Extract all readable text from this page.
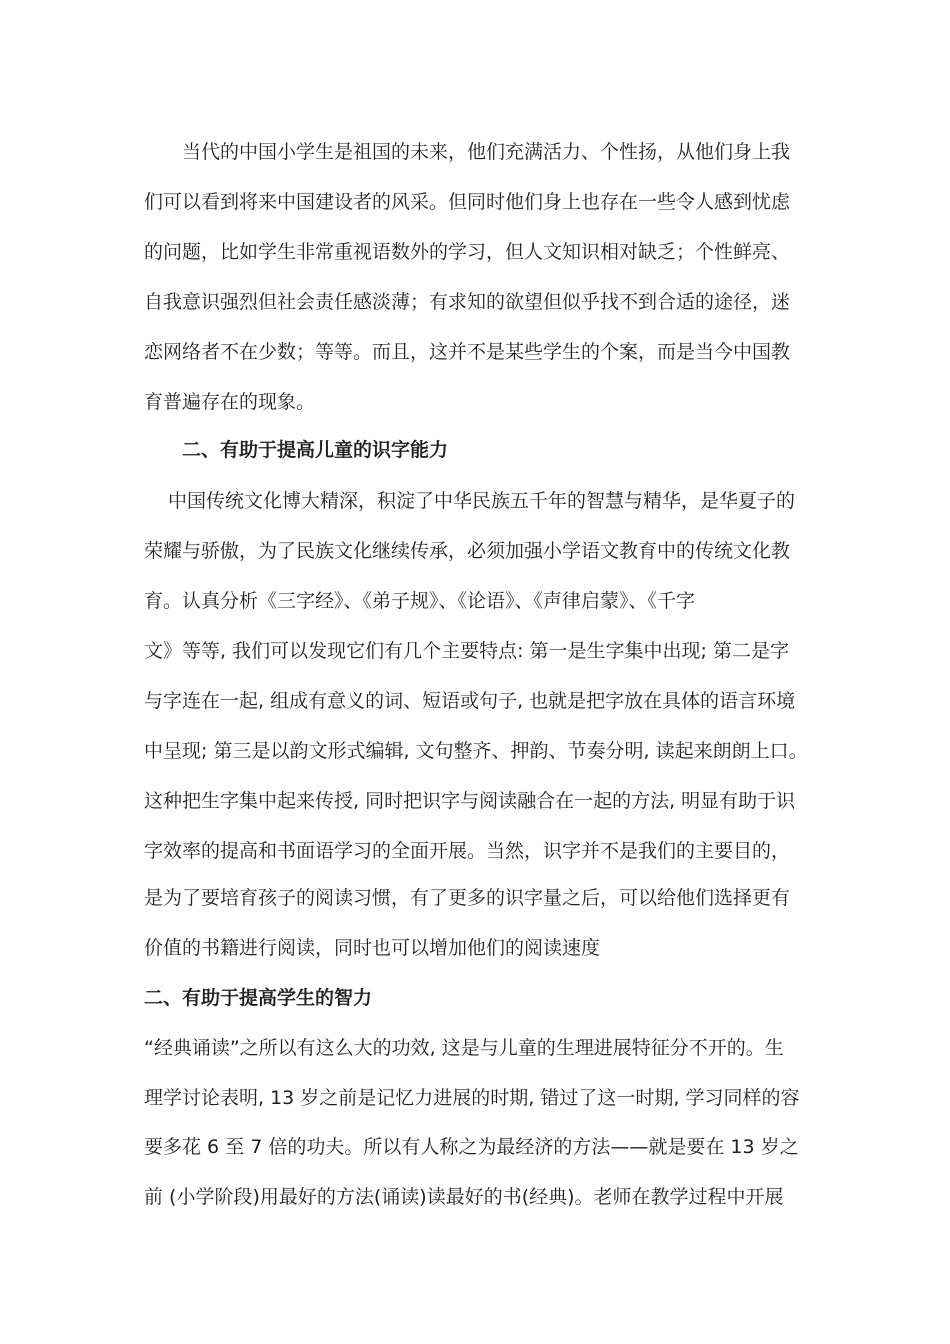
当代的中国小学生是祖国的未来，他们充满活力、个性扬，从他们身上我
们可以看到将来中国建设者的风采。但同时他们身上也存在一些令人感到忧虑
的问题，比如学生非常重视语数外的学习，但人文知识相对缺乏；个性鲜亮、
自我意识强烈但社会责任感淡薄；有求知的欲望但似乎找不到合适的途径，迷
恋网络者不在少数；等等。而且，这并不是某些学生的个案，而是当今中国教
育普遍存在的现象。
二、有助于提高儿童的识字能力
中国传统文化博大精深，积淀了中华民族五千年的智慧与精华，是华夏子的
荣耀与骄傲，为了民族文化继续传承，必须加强小学语文教育中的传统文化教
育。认真分析《三字经》、《弟子规》、《论语》、《声律启蒙》、《千字
文》等等, 我们可以发现它们有几个主要特点: 第一是生字集中出现; 第二是字
与字连在一起, 组成有意义的词、短语或句子, 也就是把字放在具体的语言环境
中呈现; 第三是以韵文形式编辑, 文句整齐、押韵、节奏分明, 读起来朗朗上口。
这种把生字集中起来传授, 同时把识字与阅读融合在一起的方法, 明显有助于识
字效率的提高和书面语学习的全面开展。当然，识字并不是我们的主要目的，
是为了要培育孩子的阅读习惯，有了更多的识字量之后，可以给他们选择更有
价值的书籍进行阅读，同时也可以增加他们的阅读速度
二、有助于提高学生的智力
“经典诵读”之所以有这么大的功效, 这是与儿童的生理进展特征分不开的。生
理学讨论表明, 13 岁之前是记忆力进展的时期, 错过了这一时期, 学习同样的容
要多花 6 至 7 倍的功夫。所以有人称之为最经济的方法——就是要在 13 岁之
前 (小学阶段)用最好的方法(诵读)读最好的书(经典)。老师在教学过程中开展
